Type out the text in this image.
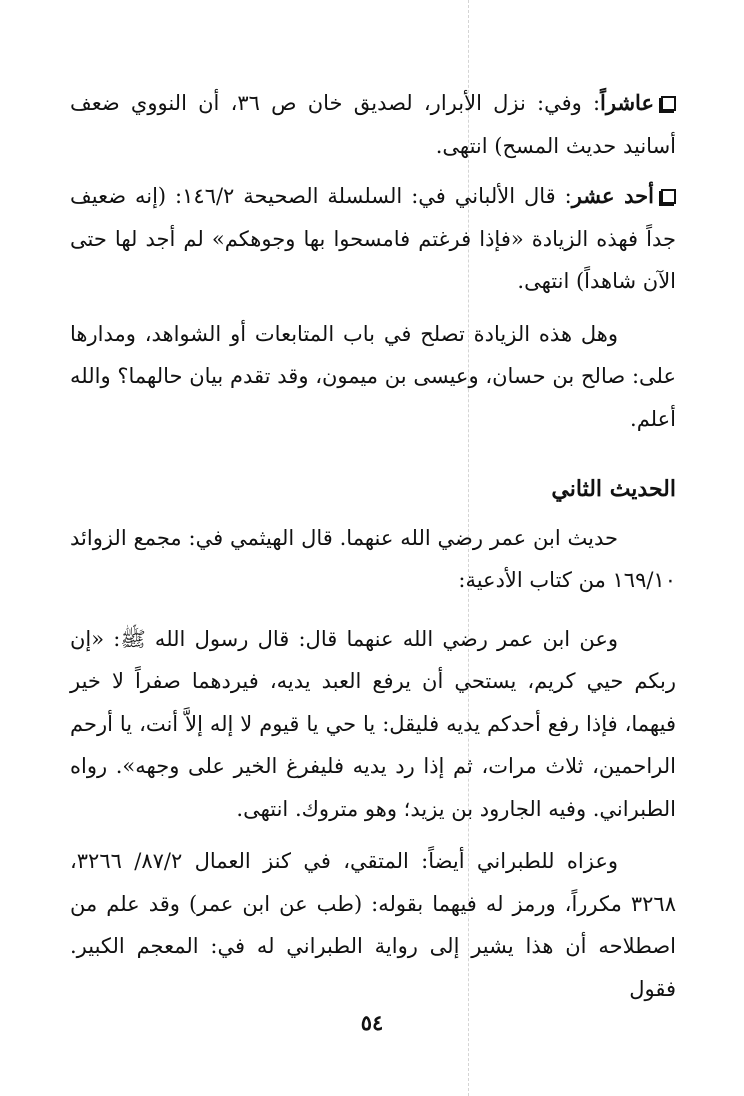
عاشراً: وفي: نزل الأبرار، لصديق خان ص ٣٦، أن النووي ضعف أسانيد حديث المسح) انتهى.

أحد عشر: قال الألباني في: السلسلة الصحيحة ١٤٦/٢: (إنه ضعيف جداً فهذه الزيادة «فإذا فرغتم فامسحوا بها وجوهكم» لم أجد لها حتى الآن شاهداً) انتهى.

وهل هذه الزيادة تصلح في باب المتابعات أو الشواهد، ومدارها على: صالح بن حسان، وعيسى بن ميمون، وقد تقدم بيان حالهما؟ والله أعلم.

الحديث الثاني

حديث ابن عمر رضي الله عنهما. قال الهيثمي في: مجمع الزوائد ١٦٩/١٠ من كتاب الأدعية:

وعن ابن عمر رضي الله عنهما قال: قال رسول الله ﷺ: «إن ربكم حيي كريم، يستحي أن يرفع العبد يديه، فيردهما صفراً لا خير فيهما، فإذا رفع أحدكم يديه فليقل: يا حي يا قيوم لا إله إلاَّ أنت، يا أرحم الراحمين، ثلاث مرات، ثم إذا رد يديه فليفرغ الخير على وجهه». رواه الطبراني. وفيه الجارود بن يزيد؛ وهو متروك. انتهى.

وعزاه للطبراني أيضاً: المتقي، في كنز العمال ٨٧/٢/ ٣٢٦٦، ٣٢٦٨ مكرراً، ورمز له فيهما بقوله: (طب عن ابن عمر) وقد علم من اصطلاحه أن هذا يشير إلى رواية الطبراني له في: المعجم الكبير. فقول

٥٤
